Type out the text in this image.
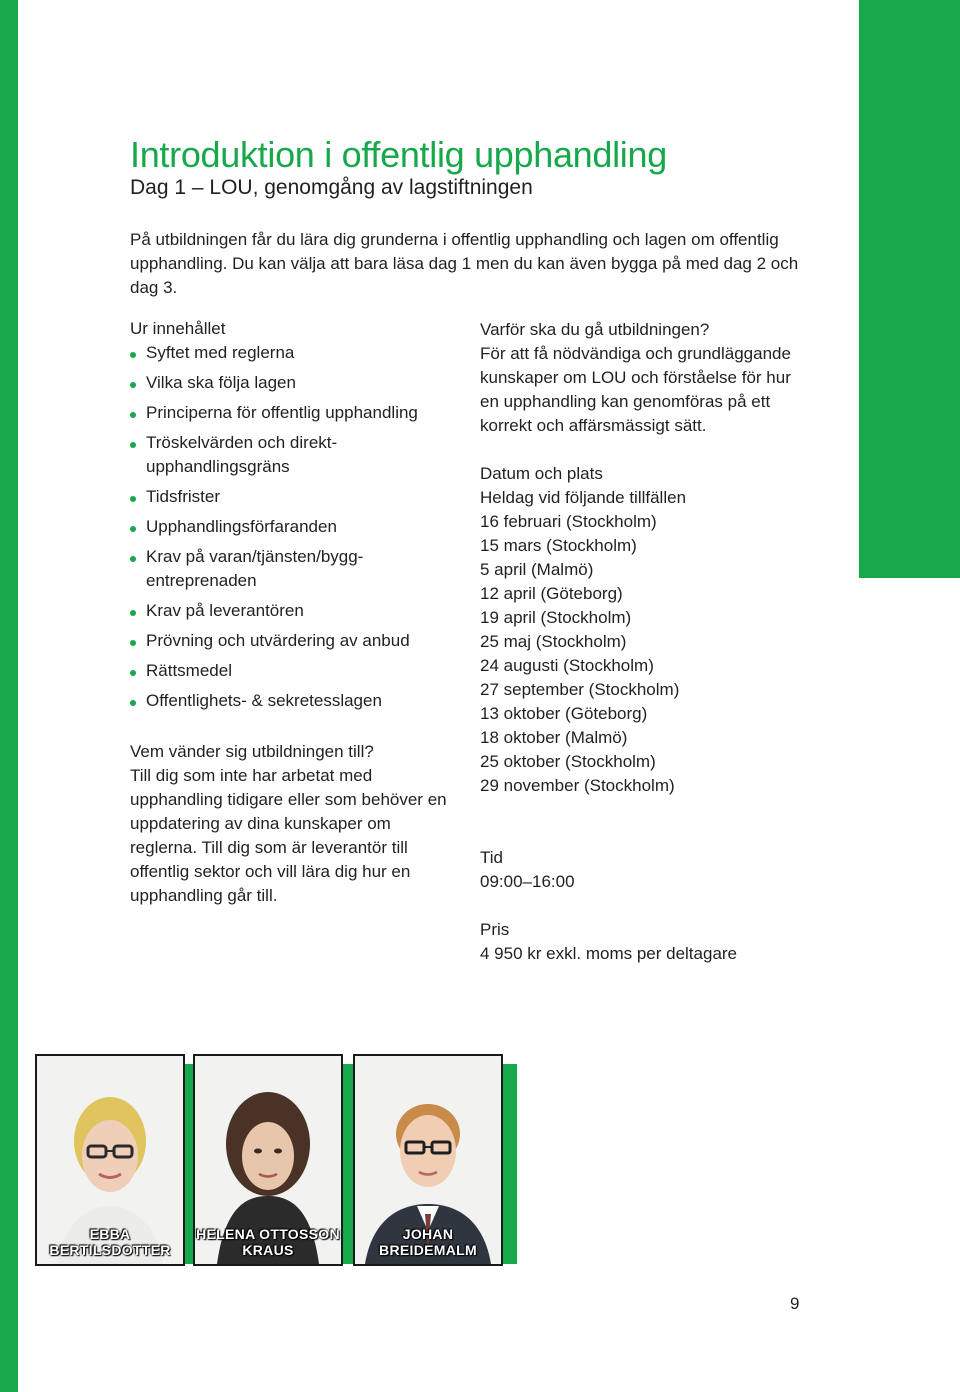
Introduktion i offentlig upphandling
Dag 1 – LOU, genomgång av lagstiftningen

På utbildningen får du lära dig grunderna i offentlig upphandling och lagen om offentlig upphandling. Du kan välja att bara läsa dag 1 men du kan även bygga på med dag 2 och dag 3.

Ur innehållet
Syftet med reglerna
Vilka ska följa lagen
Principerna för offentlig upphandling
Tröskelvärden och direkt-upphandlingsgräns
Tidsfrister
Upphandlingsförfaranden
Krav på varan/tjänsten/bygg-entreprenaden
Krav på leverantören
Prövning och utvärdering av anbud
Rättsmedel
Offentlighets- & sekretesslagen

Vem vänder sig utbildningen till?

Till dig som inte har arbetat med upphandling tidigare eller som behöver en uppdatering av dina kunskaper om reglerna. Till dig som är leverantör till offentlig sektor och vill lära dig hur en upphandling går till.

Varför ska du gå utbildningen?

För att få nödvändiga och grundläggande kunskaper om LOU och förståelse för hur en upphandling kan genomföras på ett korrekt och affärsmässigt sätt.

Datum och plats

Heldag vid följande tillfällen

16 februari (Stockholm)
15 mars (Stockholm)
5 april (Malmö)
12 april (Göteborg)
19 april (Stockholm)
25 maj (Stockholm)
24 augusti (Stockholm)
27 september (Stockholm)
13 oktober (Göteborg)
18 oktober (Malmö)
25 oktober (Stockholm)
29 november (Stockholm)

Tid

09:00–16:00

Pris

4 950 kr exkl. moms per deltagare

EBBA
BERTILSDOTTER
HELENA OTTOSSON
KRAUS
JOHAN
BREIDEMALM
9
